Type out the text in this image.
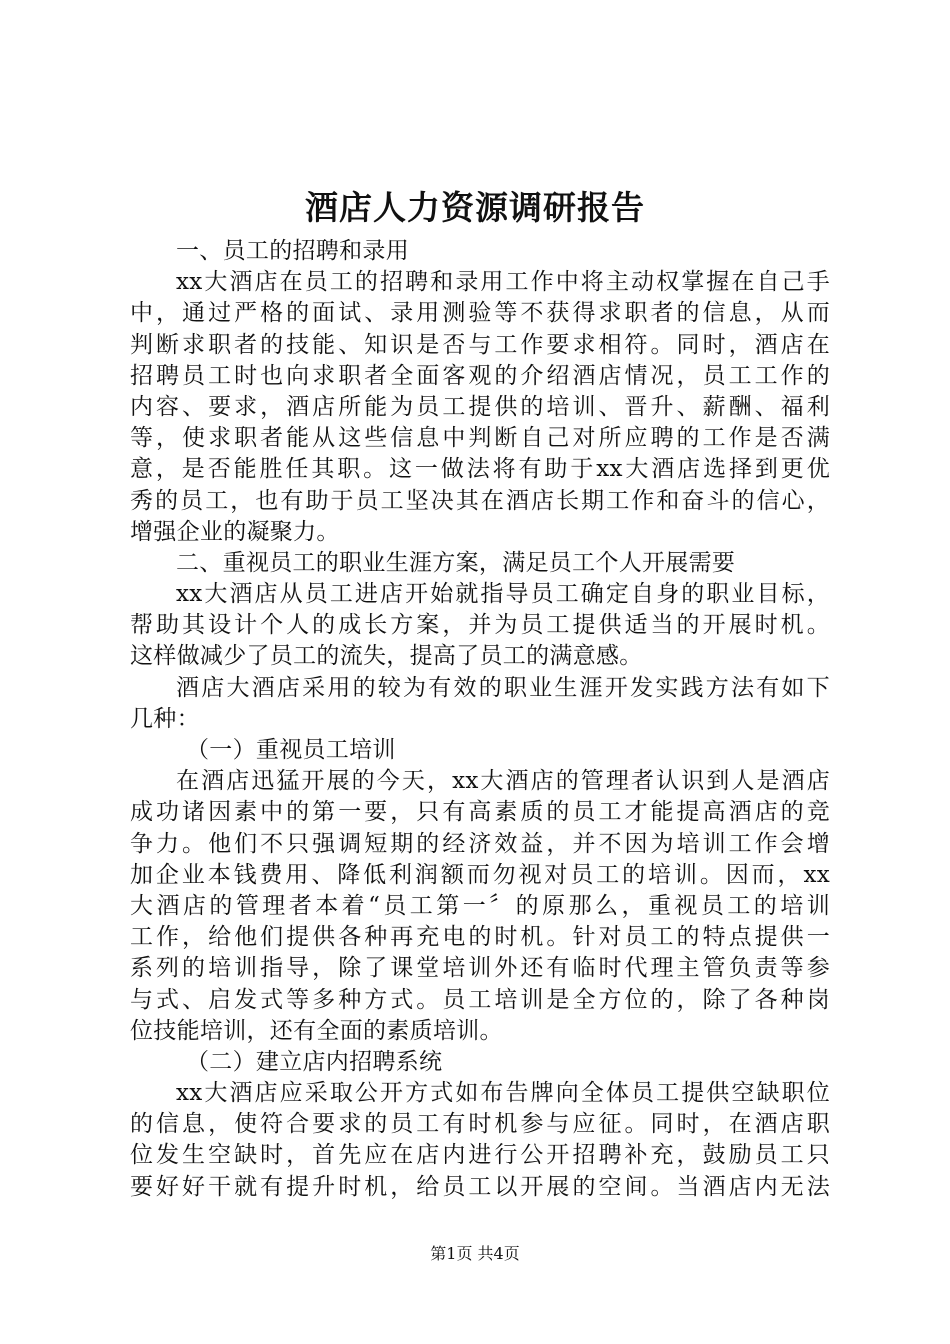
酒店人力资源调研报告
一、员工的招聘和录用
xx大酒店在员工的招聘和录用工作中将主动权掌握在自己手
中，通过严格的面试、录用测验等不获得求职者的信息，从而
判断求职者的技能、知识是否与工作要求相符。同时，酒店在
招聘员工时也向求职者全面客观的介绍酒店情况，员工工作的
内容、要求，酒店所能为员工提供的培训、晋升、薪酬、福利
等，使求职者能从这些信息中判断自己对所应聘的工作是否满
意，是否能胜任其职。这一做法将有助于xx大酒店选择到更优
秀的员工，也有助于员工坚决其在酒店长期工作和奋斗的信心，
增强企业的凝聚力。
二、重视员工的职业生涯方案，满足员工个人开展需要
xx大酒店从员工进店开始就指导员工确定自身的职业目标，
帮助其设计个人的成长方案，并为员工提供适当的开展时机。
这样做减少了员工的流失，提高了员工的满意感。
酒店大酒店采用的较为有效的职业生涯开发实践方法有如下
几种：
（一）重视员工培训
在酒店迅猛开展的今天，xx大酒店的管理者认识到人是酒店
成功诸因素中的第一要，只有高素质的员工才能提高酒店的竞
争力。他们不只强调短期的经济效益，并不因为培训工作会增
加企业本钱费用、降低利润额而勿视对员工的培训。因而，xx
大酒店的管理者本着“员工第一〞的原那么，重视员工的培训
工作，给他们提供各种再充电的时机。针对员工的特点提供一
系列的培训指导，除了课堂培训外还有临时代理主管负责等参
与式、启发式等多种方式。员工培训是全方位的，除了各种岗
位技能培训，还有全面的素质培训。
（二）建立店内招聘系统
xx大酒店应采取公开方式如布告牌向全体员工提供空缺职位
的信息，使符合要求的员工有时机参与应征。同时，在酒店职
位发生空缺时，首先应在店内进行公开招聘补充，鼓励员工只
要好好干就有提升时机，给员工以开展的空间。当酒店内无法
第1页 共4页
